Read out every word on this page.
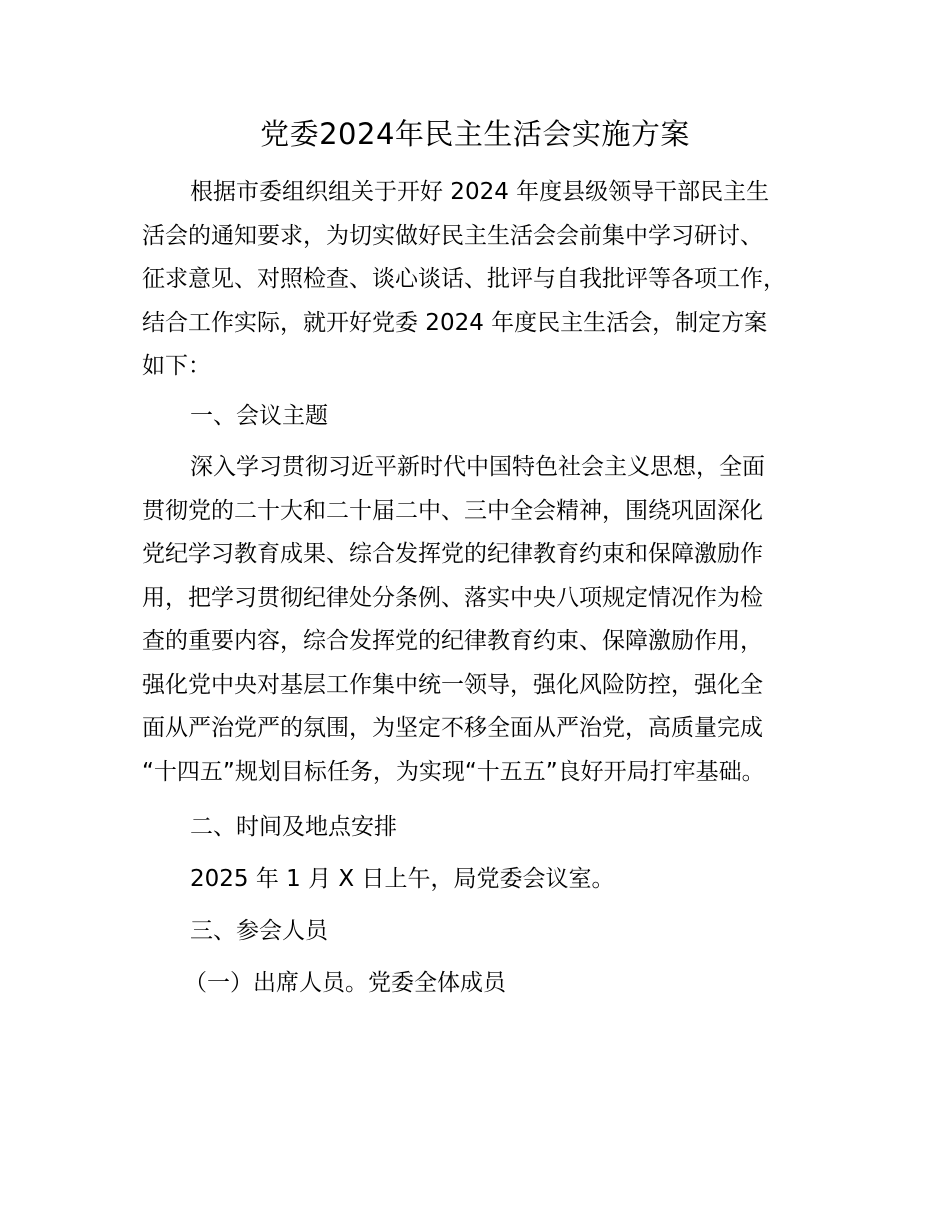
党委2024年民主生活会实施方案

根据市委组织组关于开好 2024 年度县级领导干部民主生
活会的通知要求，为切实做好民主生活会会前集中学习研讨、
征求意见、对照检查、谈心谈话、批评与自我批评等各项工作，
结合工作实际，就开好党委 2024 年度民主生活会，制定方案
如下：

一、会议主题

深入学习贯彻习近平新时代中国特色社会主义思想，全面
贯彻党的二十大和二十届二中、三中全会精神，围绕巩固深化
党纪学习教育成果、综合发挥党的纪律教育约束和保障激励作
用，把学习贯彻纪律处分条例、落实中央八项规定情况作为检
查的重要内容，综合发挥党的纪律教育约束、保障激励作用，
强化党中央对基层工作集中统一领导，强化风险防控，强化全
面从严治党严的氛围，为坚定不移全面从严治党，高质量完成
“十四五”规划目标任务，为实现“十五五”良好开局打牢基础。

二、时间及地点安排

2025 年 1 月 X 日上午，局党委会议室。

三、参会人员

（一）出席人员。党委全体成员
